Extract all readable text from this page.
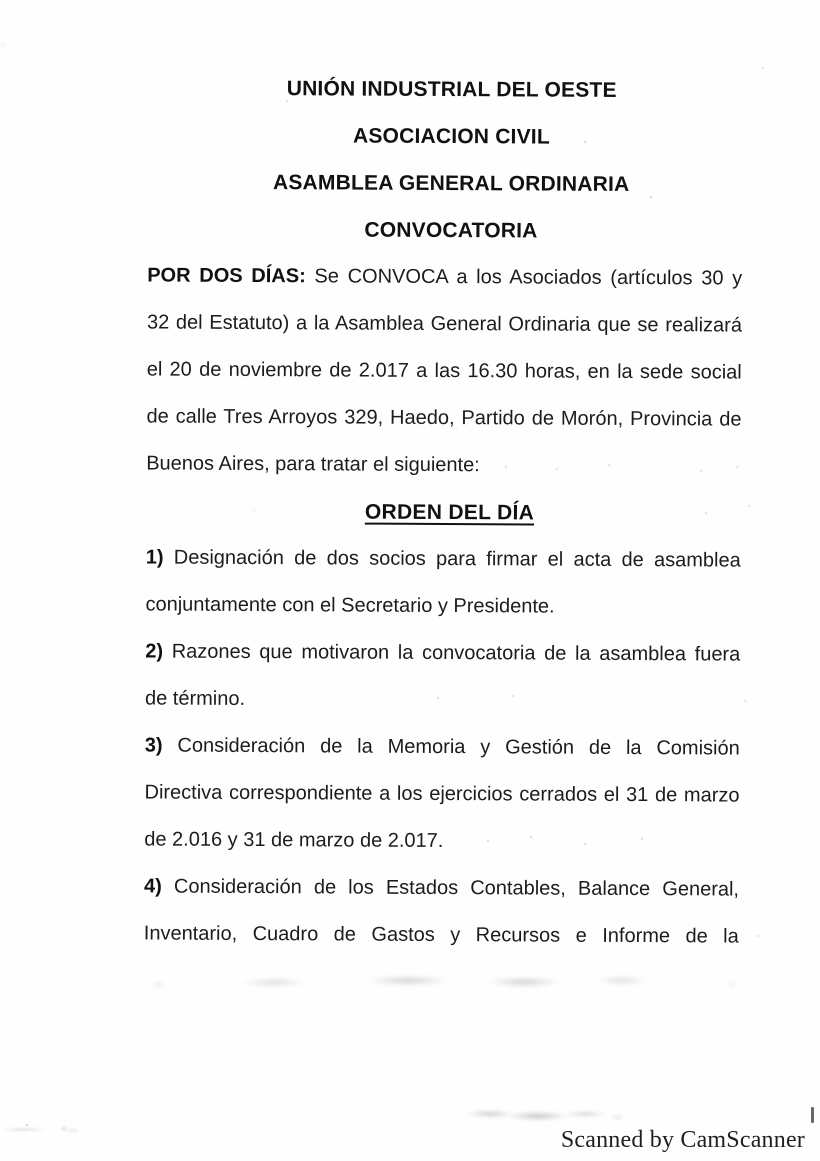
UNIÓN INDUSTRIAL DEL OESTE
ASOCIACION CIVIL
ASAMBLEA GENERAL ORDINARIA
CONVOCATORIA
POR DOS DÍAS: Se CONVOCA a los Asociados (artículos 30 y
32 del Estatuto) a la Asamblea General Ordinaria que se realizará
el 20 de noviembre de 2.017 a las 16.30 horas, en la sede social
de calle Tres Arroyos 329, Haedo, Partido de Morón, Provincia de
Buenos Aires, para tratar el siguiente:
ORDEN DEL DÍA
1) Designación de dos socios para firmar el acta de asamblea
conjuntamente con el Secretario y Presidente.
2) Razones que motivaron la convocatoria de la asamblea fuera
de término.
3) Consideración de la Memoria y Gestión de la Comisión
Directiva correspondiente a los ejercicios cerrados el 31 de marzo
de 2.016 y 31 de marzo de 2.017.
4) Consideración de los Estados Contables, Balance General,
Inventario, Cuadro de Gastos y Recursos e Informe de la
Scanned by CamScanner
